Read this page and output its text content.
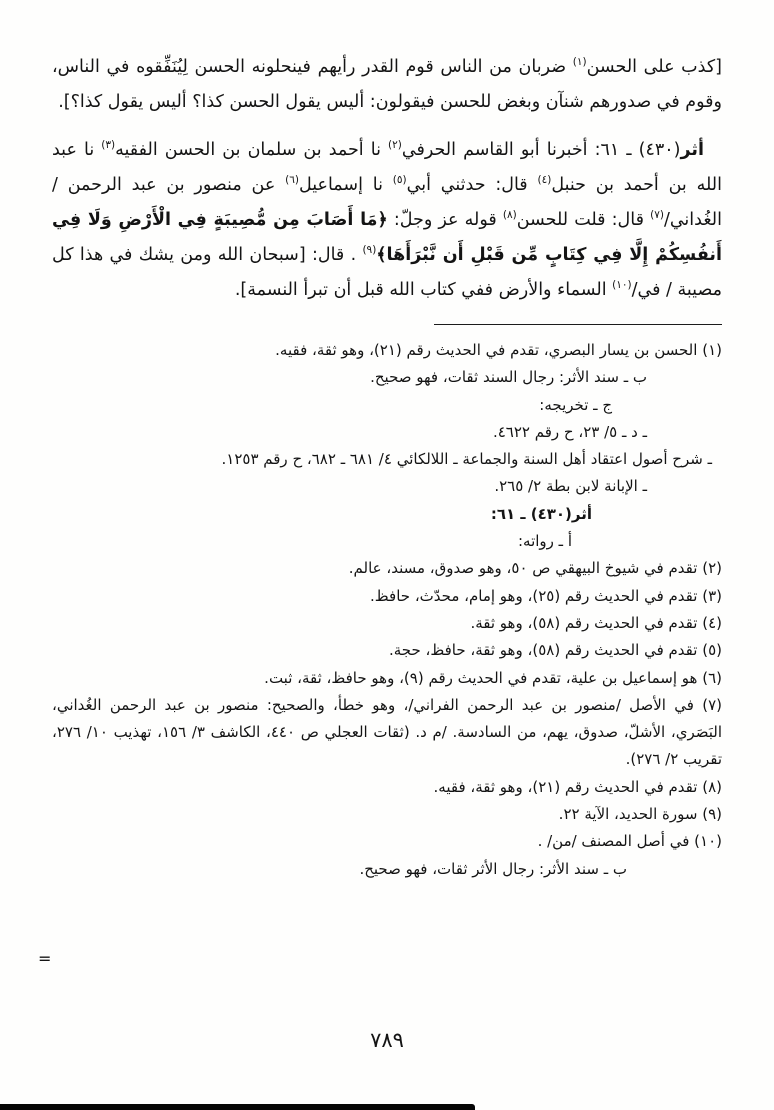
[كذب على الحسن$^{(١)}$ ضربان من الناس قوم القدر رأيهم فينحلونه الحسن لِيُنَفِّقوه في الناس، وقوم في صدورهم شنآن وبغض للحسن فيقولون: أليس يقول الحسن كذا؟ أليس يقول كذا؟].

أثر(٤٣٠) ـ ٦١: أخبرنا أبو القاسم الحرفي$^{(٢)}$ نا أحمد بن سلمان بن الحسن الفقيه$^{(٣)}$ نا عبد الله بن أحمد بن حنبل$^{(٤)}$ قال: حدثني أبي$^{(٥)}$ نا إسماعيل$^{(٦)}$ عن منصور بن عبد الرحمن / الغُداني/$^{(٧)}$ قال: قلت للحسن$^{(٨)}$ قوله عز وجلّ: ﴿مَا أَصَابَ مِن مُّصِيبَةٍ فِي الْأَرْضِ وَلَا فِي أَنفُسِكُمْ إِلَّا فِي كِتَابٍ مِّن قَبْلِ أَن نَّبْرَأَهَا﴾$^{(٩)}$ . قال: [سبحان الله ومن يشك في هذا كل مصيبة / في/$^{(١٠)}$ السماء والأرض ففي كتاب الله قبل أن تبرأ النسمة].

(١) الحسن بن يسار البصري، تقدم في الحديث رقم (٢١)، وهو ثقة، فقيه.
ب ـ سند الأثر: رجال السند ثقات، فهو صحيح.
ج ـ تخريجه:
ـ د ـ ٥/ ٢٣، ح رقم ٤٦٢٢.
ـ شرح أصول اعتقاد أهل السنة والجماعة ـ اللالكائي ٤/ ٦٨١ ـ ٦٨٢، ح رقم ١٢٥٣.
ـ الإبانة لابن بطة ٢/ ٢٦٥.
أثر(٤٣٠) ـ ٦١:
أ ـ رواته:
(٢) تقدم في شيوخ البيهقي ص ٥٠، وهو صدوق، مسند، عالم.
(٣) تقدم في الحديث رقم (٢٥)، وهو إمام، محدّث، حافظ.
(٤) تقدم في الحديث رقم (٥٨)، وهو ثقة.
(٥) تقدم في الحديث رقم (٥٨)، وهو ثقة، حافظ، حجة.
(٦) هو إسماعيل بن علية، تقدم في الحديث رقم (٩)، وهو حافظ، ثقة، ثبت.
(٧) في الأصل /منصور بن عبد الرحمن الفراني/، وهو خطأ، والصحيح: منصور بن عبد الرحمن الغُداني، البَصَري، الأشلّ، صدوق، يهم، من السادسة. /م د. (ثقات العجلي ص ٤٤٠، الكاشف ٣/ ١٥٦، تهذيب ١٠/ ٢٧٦، تقريب ٢/ ٢٧٦).
(٨) تقدم في الحديث رقم (٢١)، وهو ثقة، فقيه.
(٩) سورة الحديد، الآية ٢٢.
(١٠) في أصل المصنف /من/ .
ب ـ سند الأثر: رجال الأثر ثقات، فهو صحيح.
=
٧٨٩
